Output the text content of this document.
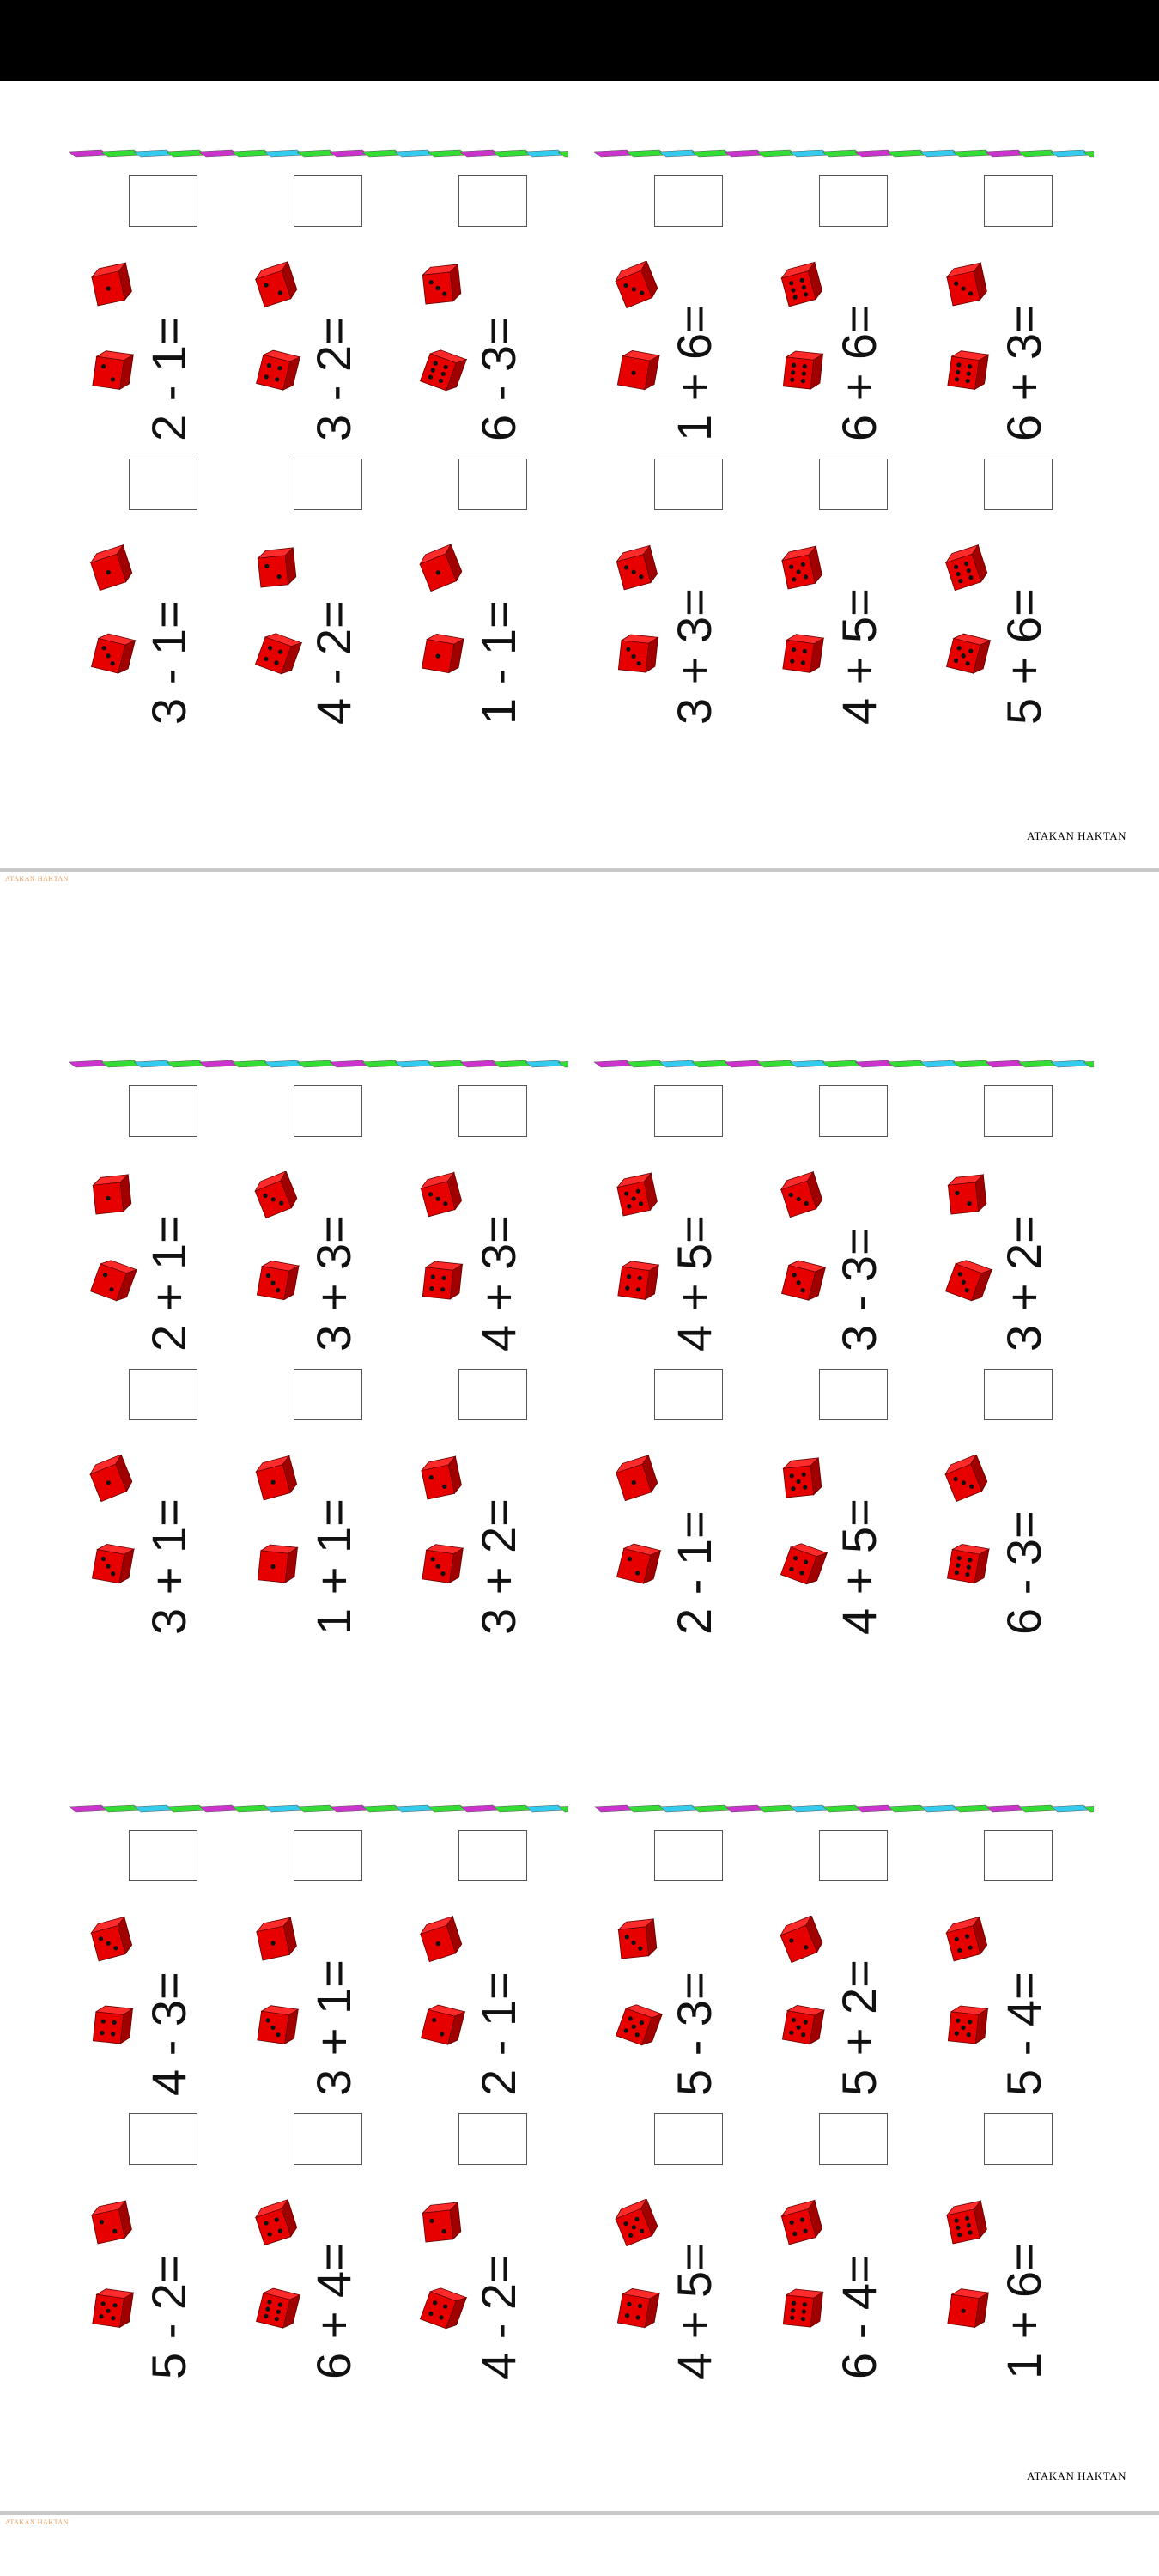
2 - 1= 3 - 2= 6 - 3=	1 + 6= 6 + 6= 6 + 3=
3 - 1= 4 - 2= 1 - 1=	3 + 3= 4 + 5= 5 + 6=
2 + 1= 3 + 3= 4 + 3=	4 + 5= 3 - 3= 3 + 2=
3 + 1= 1 + 1= 3 + 2=	2 - 1= 4 + 5= 6 - 3=
4 - 3= 3 + 1= 2 - 1=	5 - 3= 5 + 2= 5 - 4=
5 - 2= 6 + 4= 4 - 2=	4 + 5= 6 - 4= 1 + 6=
ATAKAN HAKTAN
ATAKAN HAKTAN
ATAKAN HAKTAN
ATAKAN HAKTAN
